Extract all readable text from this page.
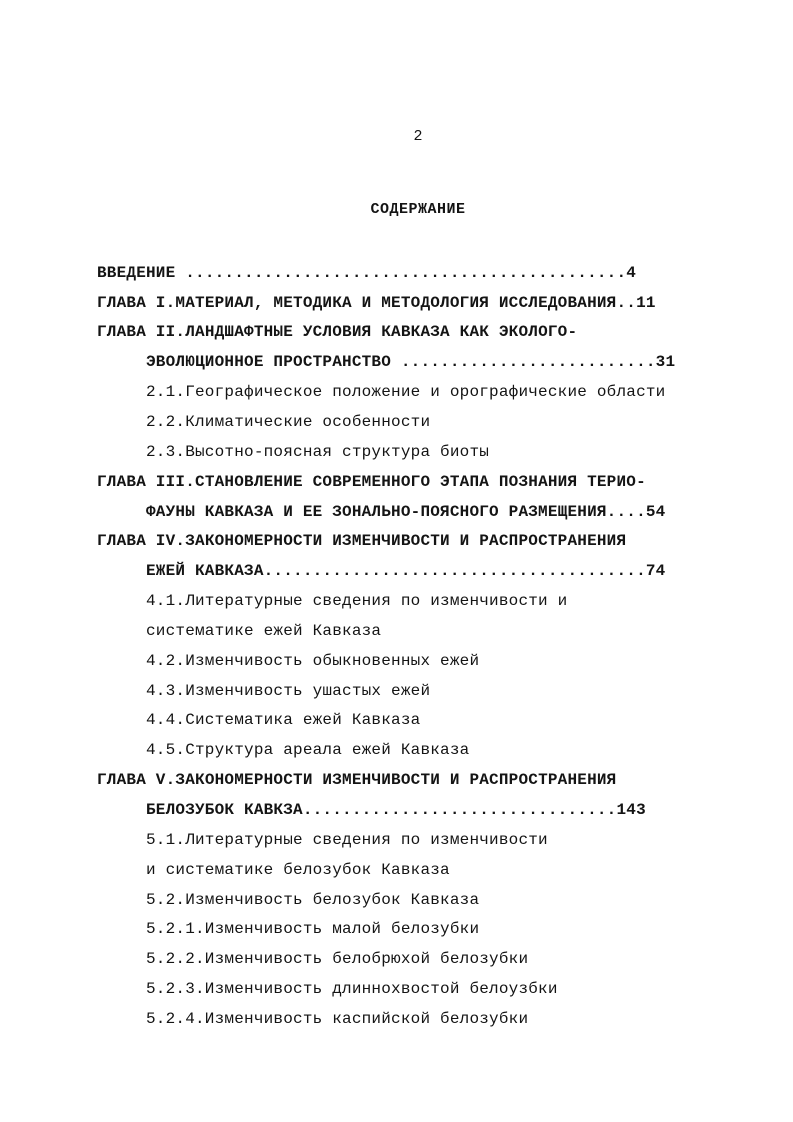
2
СОДЕРЖАНИЕ
ВВЕДЕНИЕ .............................................4
ГЛАВА I.МАТЕРИАЛ, МЕТОДИКА И МЕТОДОЛОГИЯ ИССЛЕДОВАНИЯ..11
ГЛАВА II.ЛАНДШАФТНЫЕ УСЛОВИЯ КАВКАЗА КАК ЭКОЛОГО-
ЭВОЛЮЦИОННОЕ ПРОСТРАНСТВО ..........................31
2.1.Географическое положение и орографические области
2.2.Климатические особенности
2.3.Высотно-поясная структура биоты
ГЛАВА III.СТАНОВЛЕНИЕ СОВРЕМЕННОГО ЭТАПА ПОЗНАНИЯ ТЕРИО-
ФАУНЫ КАВКАЗА И ЕЕ ЗОНАЛЬНО-ПОЯСНОГО РАЗМЕЩЕНИЯ....54
ГЛАВА IV.ЗАКОНОМЕРНОСТИ ИЗМЕНЧИВОСТИ И РАСПРОСТРАНЕНИЯ
ЕЖЕЙ КАВКАЗА.......................................74
4.1.Литературные сведения по изменчивости и
систематике ежей Кавказа
4.2.Изменчивость обыкновенных ежей
4.3.Изменчивость ушастых ежей
4.4.Систематика ежей Кавказа
4.5.Структура ареала ежей Кавказа
ГЛАВА V.ЗАКОНОМЕРНОСТИ ИЗМЕНЧИВОСТИ И РАСПРОСТРАНЕНИЯ
БЕЛОЗУБОК КАВКЗА................................143
5.1.Литературные сведения по изменчивости
и систематике белозубок Кавказа
5.2.Изменчивость белозубок Кавказа
5.2.1.Изменчивость малой белозубки
5.2.2.Изменчивость белобрюхой белозубки
5.2.3.Изменчивость длиннохвостой белоузбки
5.2.4.Изменчивость каспийской белозубки
